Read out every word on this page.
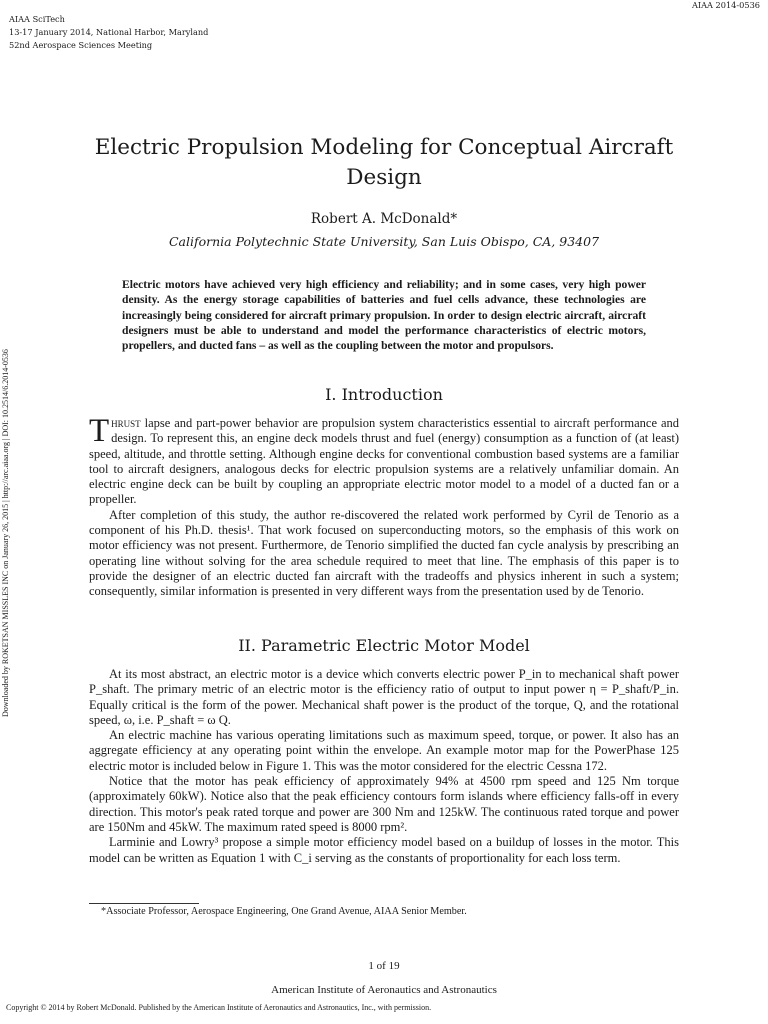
AIAA SciTech
13-17 January 2014, National Harbor, Maryland
52nd Aerospace Sciences Meeting
AIAA 2014-0536
Downloaded by ROKETSAN MISSLES INC on January 26, 2015 | http://arc.aiaa.org | DOI: 10.2514/6.2014-0536
Electric Propulsion Modeling for Conceptual Aircraft Design
Robert A. McDonald*
California Polytechnic State University, San Luis Obispo, CA, 93407
Electric motors have achieved very high efficiency and reliability; and in some cases, very high power density. As the energy storage capabilities of batteries and fuel cells advance, these technologies are increasingly being considered for aircraft primary propulsion. In order to design electric aircraft, aircraft designers must be able to understand and model the performance characteristics of electric motors, propellers, and ducted fans – as well as the coupling between the motor and propulsors.
I. Introduction

Thrust lapse and part-power behavior are propulsion system characteristics essential to aircraft performance and design. To represent this, an engine deck models thrust and fuel (energy) consumption as a function of (at least) speed, altitude, and throttle setting. Although engine decks for conventional combustion based systems are a familiar tool to aircraft designers, analogous decks for electric propulsion systems are a relatively unfamiliar domain. An electric engine deck can be built by coupling an appropriate electric motor model to a model of a ducted fan or a propeller.

After completion of this study, the author re-discovered the related work performed by Cyril de Tenorio as a component of his Ph.D. thesis¹. That work focused on superconducting motors, so the emphasis of this work on motor efficiency was not present. Furthermore, de Tenorio simplified the ducted fan cycle analysis by prescribing an operating line without solving for the area schedule required to meet that line. The emphasis of this paper is to provide the designer of an electric ducted fan aircraft with the tradeoffs and physics inherent in such a system; consequently, similar information is presented in very different ways from the presentation used by de Tenorio.

II. Parametric Electric Motor Model

At its most abstract, an electric motor is a device which converts electric power P_in to mechanical shaft power P_shaft. The primary metric of an electric motor is the efficiency ratio of output to input power η = P_shaft/P_in. Equally critical is the form of the power. Mechanical shaft power is the product of the torque, Q, and the rotational speed, ω, i.e. P_shaft = ω Q.

An electric machine has various operating limitations such as maximum speed, torque, or power. It also has an aggregate efficiency at any operating point within the envelope. An example motor map for the PowerPhase 125 electric motor is included below in Figure 1. This was the motor considered for the electric Cessna 172.

Notice that the motor has peak efficiency of approximately 94% at 4500 rpm speed and 125 Nm torque (approximately 60kW). Notice also that the peak efficiency contours form islands where efficiency falls-off in every direction. This motor's peak rated torque and power are 300 Nm and 125kW. The continuous rated torque and power are 150Nm and 45kW. The maximum rated speed is 8000 rpm².

Larminie and Lowry³ propose a simple motor efficiency model based on a buildup of losses in the motor. This model can be written as Equation 1 with C_i serving as the constants of proportionality for each loss term.

*Associate Professor, Aerospace Engineering, One Grand Avenue, AIAA Senior Member.
1 of 19
American Institute of Aeronautics and Astronautics
Copyright © 2014 by Robert McDonald. Published by the American Institute of Aeronautics and Astronautics, Inc., with permission.
